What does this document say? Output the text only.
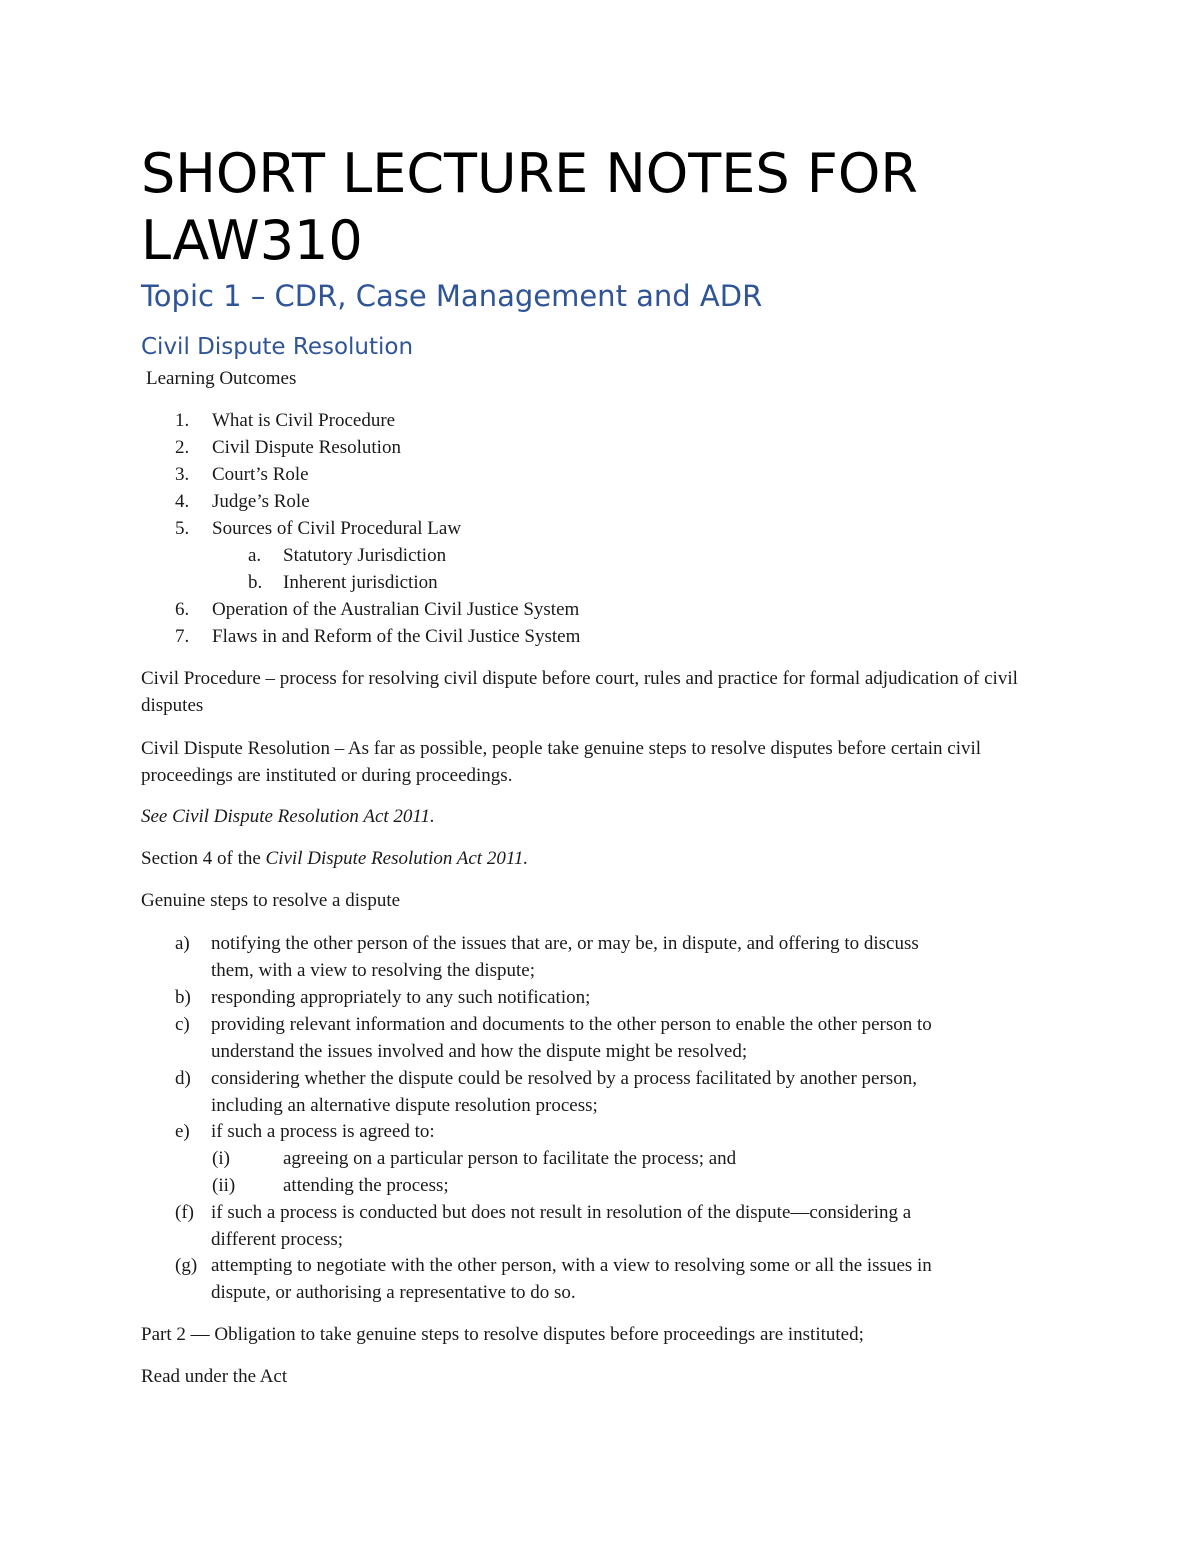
SHORT LECTURE NOTES FOR LAW310
Topic 1 – CDR, Case Management and ADR
Civil Dispute Resolution

Learning Outcomes

1. What is Civil Procedure
2. Civil Dispute Resolution
3. Court’s Role
4. Judge’s Role
5. Sources of Civil Procedural Law
a. Statutory Jurisdiction
b. Inherent jurisdiction
6. Operation of the Australian Civil Justice System
7. Flaws in and Reform of the Civil Justice System

Civil Procedure – process for resolving civil dispute before court, rules and practice for formal adjudication of civil disputes

Civil Dispute Resolution – As far as possible, people take genuine steps to resolve disputes before certain civil proceedings are instituted or during proceedings.

See Civil Dispute Resolution Act 2011.

Section 4 of the Civil Dispute Resolution Act 2011.

Genuine steps to resolve a dispute

a) notifying the other person of the issues that are, or may be, in dispute, and offering to discuss
them, with a view to resolving the dispute;
b) responding appropriately to any such notification;
c) providing relevant information and documents to the other person to enable the other person to
understand the issues involved and how the dispute might be resolved;
d) considering whether the dispute could be resolved by a process facilitated by another person,
including an alternative dispute resolution process;
e) if such a process is agreed to:
(i)	agreeing on a particular person to facilitate the process; and
(ii)	attending the process;
(f) if such a process is conducted but does not result in resolution of the dispute—considering a
different process;
(g) attempting to negotiate with the other person, with a view to resolving some or all the issues in
dispute, or authorising a representative to do so.

Part 2 — Obligation to take genuine steps to resolve disputes before proceedings are instituted;

Read under the Act
